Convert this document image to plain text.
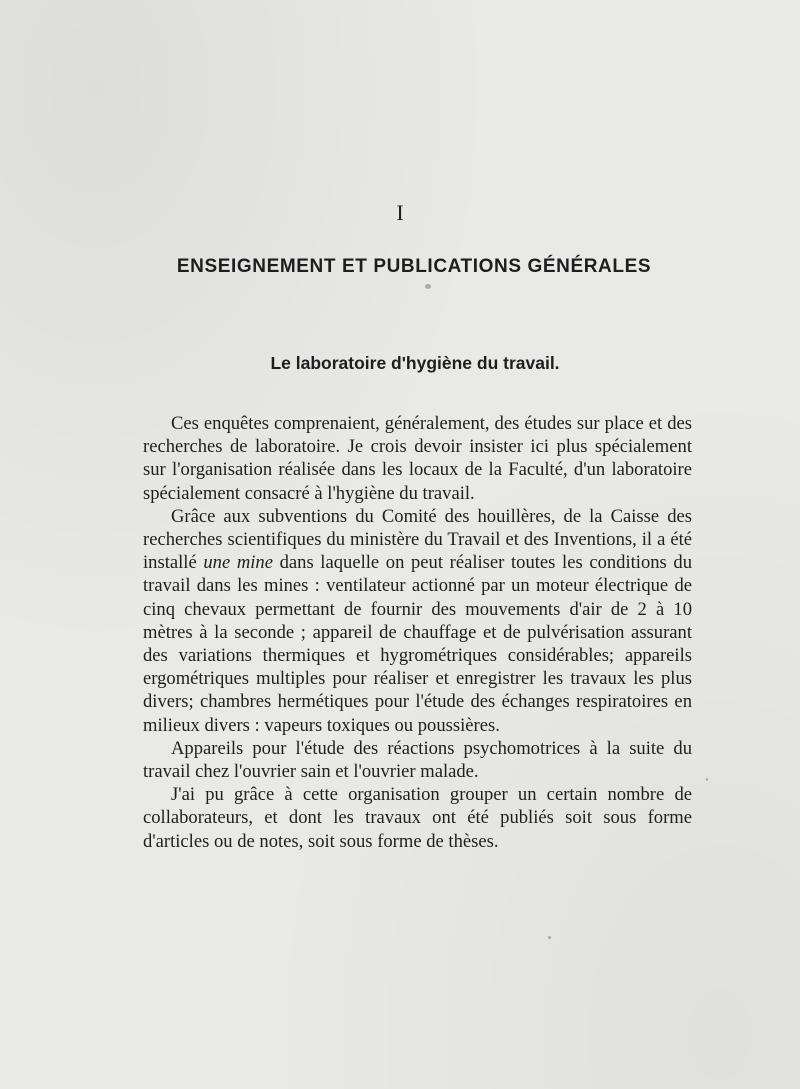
I
ENSEIGNEMENT ET PUBLICATIONS GÉNÉRALES
Le laboratoire d'hygiène du travail.

Ces enquêtes comprenaient, généralement, des études sur place et des recherches de laboratoire. Je crois devoir insister ici plus spécialement sur l'organisation réalisée dans les locaux de la Faculté, d'un laboratoire spécialement consacré à l'hygiène du travail.

Grâce aux subventions du Comité des houillères, de la Caisse des recherches scientifiques du ministère du Travail et des Inventions, il a été installé une mine dans laquelle on peut réaliser toutes les conditions du travail dans les mines : ventilateur actionné par un moteur électrique de cinq chevaux permettant de fournir des mouvements d'air de 2 à 10 mètres à la seconde ; appareil de chauffage et de pulvérisation assurant des variations thermiques et hygrométriques considérables; appareils ergométriques multiples pour réaliser et enregistrer les travaux les plus divers; chambres hermétiques pour l'étude des échanges respiratoires en milieux divers : vapeurs toxiques ou poussières.

Appareils pour l'étude des réactions psychomotrices à la suite du travail chez l'ouvrier sain et l'ouvrier malade.

J'ai pu grâce à cette organisation grouper un certain nombre de collaborateurs, et dont les travaux ont été publiés soit sous forme d'articles ou de notes, soit sous forme de thèses.
